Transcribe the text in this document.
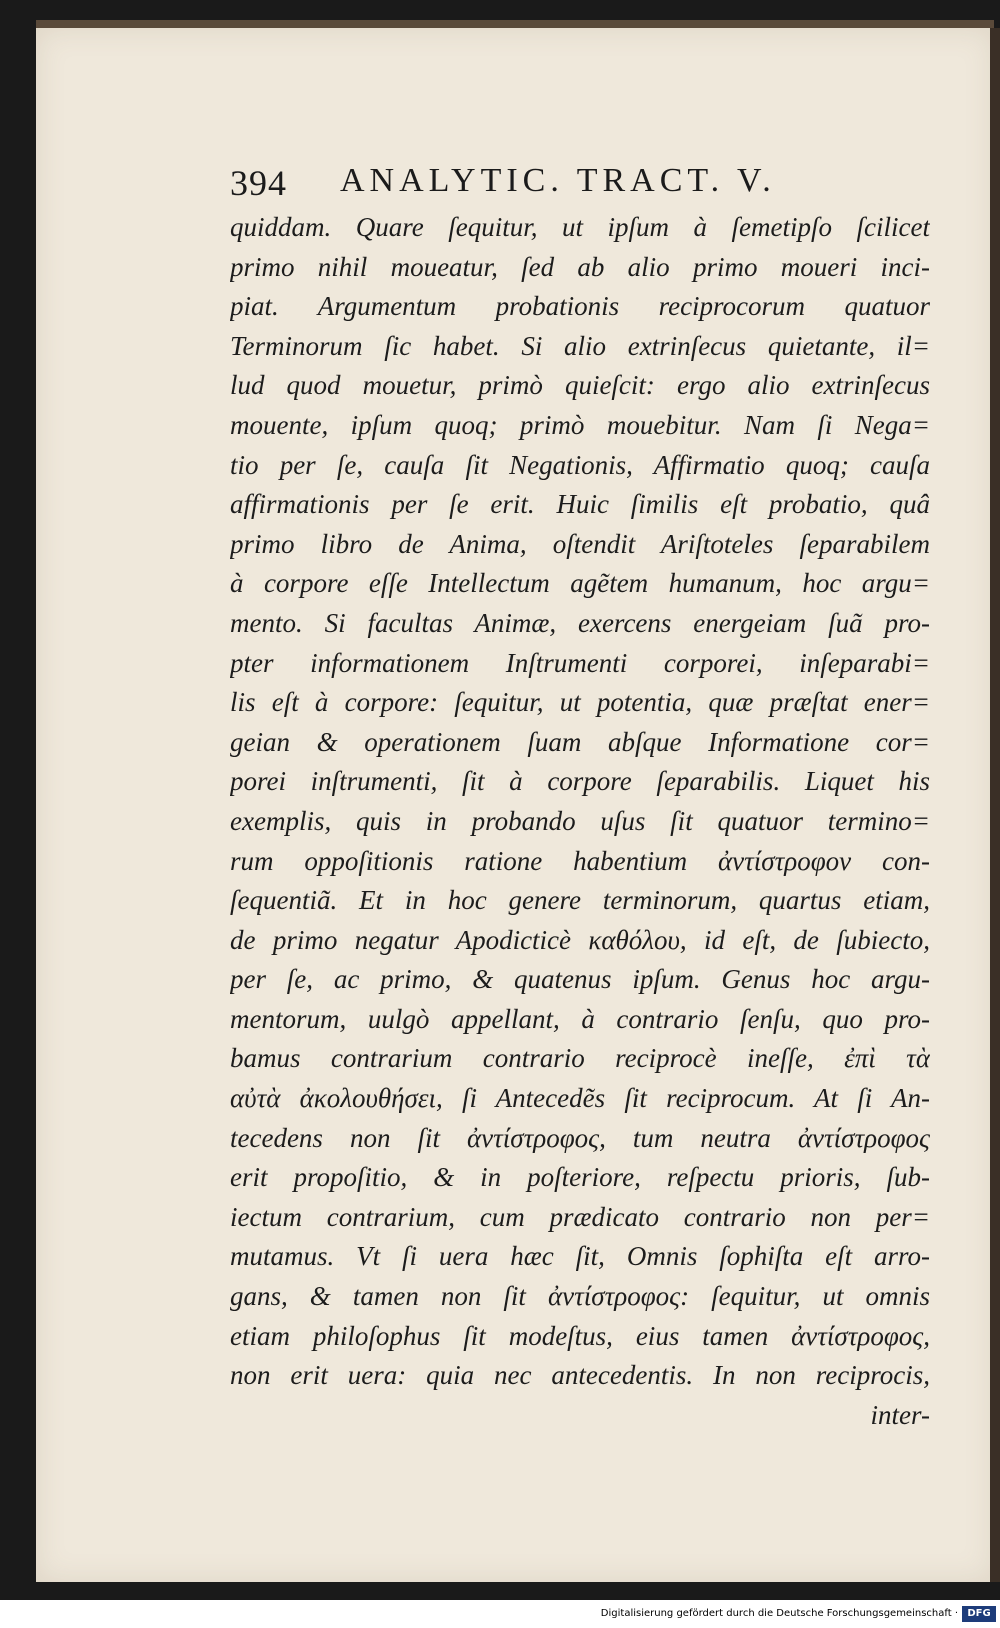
394 ANALYTIC. TRACT. V.
quiddam. Quare ſequitur, ut ipſum à ſemetipſo ſcilicet
primo nihil moueatur, ſed ab alio primo moueri inci-
piat. Argumentum probationis reciprocorum quatuor
Terminorum ſic habet. Si alio extrinſecus quietante, il=
lud quod mouetur, primò quieſcit: ergo alio extrinſecus
mouente, ipſum quoq; primò mouebitur. Nam ſi Nega=
tio per ſe, cauſa ſit Negationis, Affirmatio quoq; cauſa
affirmationis per ſe erit. Huic ſimilis eſt probatio, quâ
primo libro de Anima, oſtendit Ariſtoteles ſeparabilem
à corpore eſſe Intellectum agẽtem humanum, hoc argu=
mento. Si facultas Animæ, exercens energeiam ſuã pro-
pter informationem Inſtrumenti corporei, inſeparabi=
lis eſt à corpore: ſequitur, ut potentia, quæ præſtat ener=
geian & operationem ſuam abſque Informatione cor=
porei inſtrumenti, ſit à corpore ſeparabilis. Liquet his
exemplis, quis in probando uſus ſit quatuor termino=
rum oppoſitionis ratione habentium ἀντίστροφον con-
ſequentiã. Et in hoc genere terminorum, quartus etiam,
de primo negatur Apodicticè καθόλου, id eſt, de ſubiecto,
per ſe, ac primo, & quatenus ipſum. Genus hoc argu-
mentorum, uulgò appellant, à contrario ſenſu, quo pro-
bamus contrarium contrario reciprocè ineſſe, ἐπὶ τὰ
αὐτὰ ἀκολουθήσει, ſi Antecedẽs ſit reciprocum. At ſi An-
tecedens non ſit ἀντίστροφος, tum neutra ἀντίστροφος
erit propoſitio, & in poſteriore, reſpectu prioris, ſub-
iectum contrarium, cum prædicato contrario non per=
mutamus. Vt ſi uera hæc ſit, Omnis ſophiſta eſt arro-
gans, & tamen non ſit ἀντίστροφος: ſequitur, ut omnis
etiam philoſophus ſit modeſtus, eius tamen ἀντίστροφος,
non erit uera: quia nec antecedentis. In non reciprocis,
inter-
Digitalisierung gefördert durch die Deutsche Forschungsgemeinschaft · DFG
